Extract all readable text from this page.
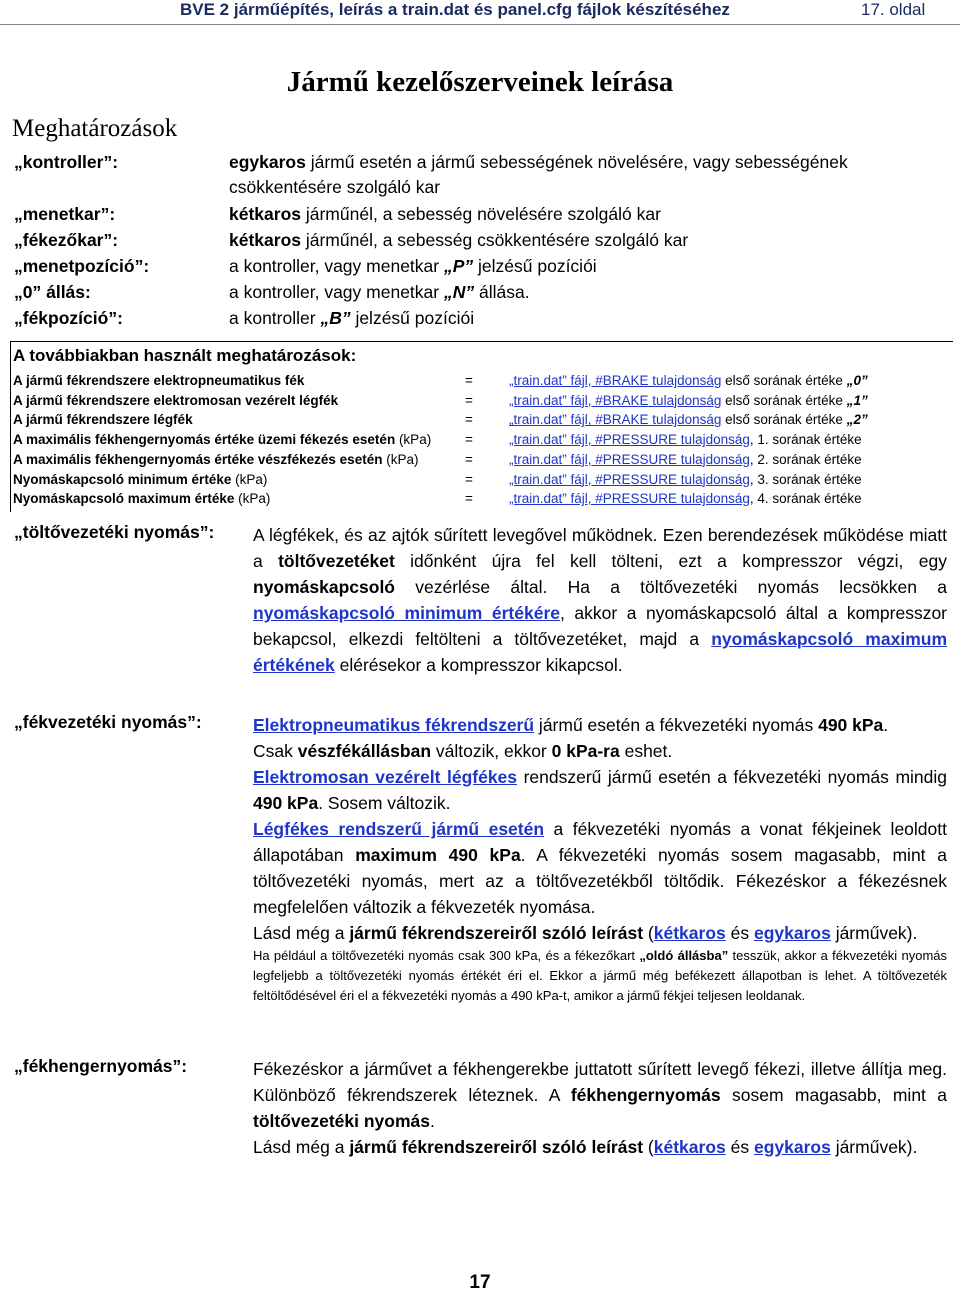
BVE 2 járműépítés, leírás a train.dat és panel.cfg fájlok készítéséhez	17. oldal
Jármű kezelőszerveinek leírása
Meghatározások
„kontroller”:	egykaros jármű esetén a jármű sebességének növelésére, vagy sebességének csökkentésére szolgáló kar
„menetkar”:	kétkaros járműnél, a sebesség növelésére szolgáló kar
„fékezőkar”:	kétkaros járműnél, a sebesség csökkentésére szolgáló kar
„menetpozíció”:	a kontroller, vagy menetkar „P” jelzésű pozíciói
„0” állás:	a kontroller, vagy menetkar „N” állása.
„fékpozíció”:	a kontroller „B” jelzésű pozíciói
A továbbiakban használt meghatározások:
A jármű fékrendszere elektropneumatikus fék	=	„train.dat” fájl, #BRAKE tulajdonság első sorának értéke „0”
A jármű fékrendszere elektromosan vezérelt légfék	=	„train.dat” fájl, #BRAKE tulajdonság első sorának értéke „1”
A jármű fékrendszere légfék	=	„train.dat” fájl, #BRAKE tulajdonság első sorának értéke „2”
A maximális fékhengernyomás értéke üzemi fékezés esetén (kPa)	=	„train.dat” fájl, #PRESSURE tulajdonság, 1. sorának értéke
A maximális fékhengernyomás értéke vészfékezés esetén (kPa)	=	„train.dat” fájl, #PRESSURE tulajdonság, 2. sorának értéke
Nyomáskapcsoló minimum értéke (kPa)	=	„train.dat” fájl, #PRESSURE tulajdonság, 3. sorának értéke
Nyomáskapcsoló maximum értéke (kPa)	=	„train.dat” fájl, #PRESSURE tulajdonság, 4. sorának értéke
„töltővezetéki nyomás”: A légfékek, és az ajtók sűrített levegővel működnek. Ezen berendezések működése miatt a töltővezetéket időnként újra fel kell tölteni, ezt a kompresszor végzi, egy nyomáskapcsoló vezérlése által. Ha a töltővezetéki nyomás lecsökken a nyomáskapcsoló minimum értékére, akkor a nyomáskapcsoló által a kompresszor bekapcsol, elkezdi feltölteni a töltővezetéket, majd a nyomáskapcsoló maximum értékének elérésekor a kompresszor kikapcsol.
„fékvezetéki nyomás”:	Elektropneumatikus fékrendszerű jármű esetén a fékvezetéki nyomás 490 kPa.
Csak vészfékállásban változik, ekkor 0 kPa-ra eshet.
Elektromosan vezérelt légfékes rendszerű jármű esetén a fékvezetéki nyomás mindig 490 kPa. Sosem változik.
Légfékes rendszerű jármű esetén a fékvezetéki nyomás a vonat fékjeinek leoldott állapotában maximum 490 kPa. A fékvezetéki nyomás sosem magasabb, mint a töltővezetéki nyomás, mert az a töltővezetékből töltődik. Fékezéskor a fékezésnek megfelelően változik a fékvezeték nyomása.
Lásd még a jármű fékrendszereiről szóló leírást (kétkaros és egykaros járművek).
Ha például a töltővezetéki nyomás csak 300 kPa, és a fékezőkart „oldó állásba” tesszük, akkor a fékvezetéki nyomás legfeljebb a töltővezetéki nyomás értékét éri el. Ekkor a jármű még befékezett állapotban is lehet. A töltővezeték feltöltődésével éri el a fékvezetéki nyomás a 490 kPa-t, amikor a jármű fékjei teljesen leoldanak.
„fékhengernyomás”:	Fékezéskor a járművet a fékhengerekbe juttatott sűrített levegő fékezi, illetve állítja meg. Különböző fékrendszerek léteznek. A fékhengernyomás sosem magasabb, mint a töltővezetéki nyomás.
Lásd még a jármű fékrendszereiről szóló leírást (kétkaros és egykaros járművek).
17
